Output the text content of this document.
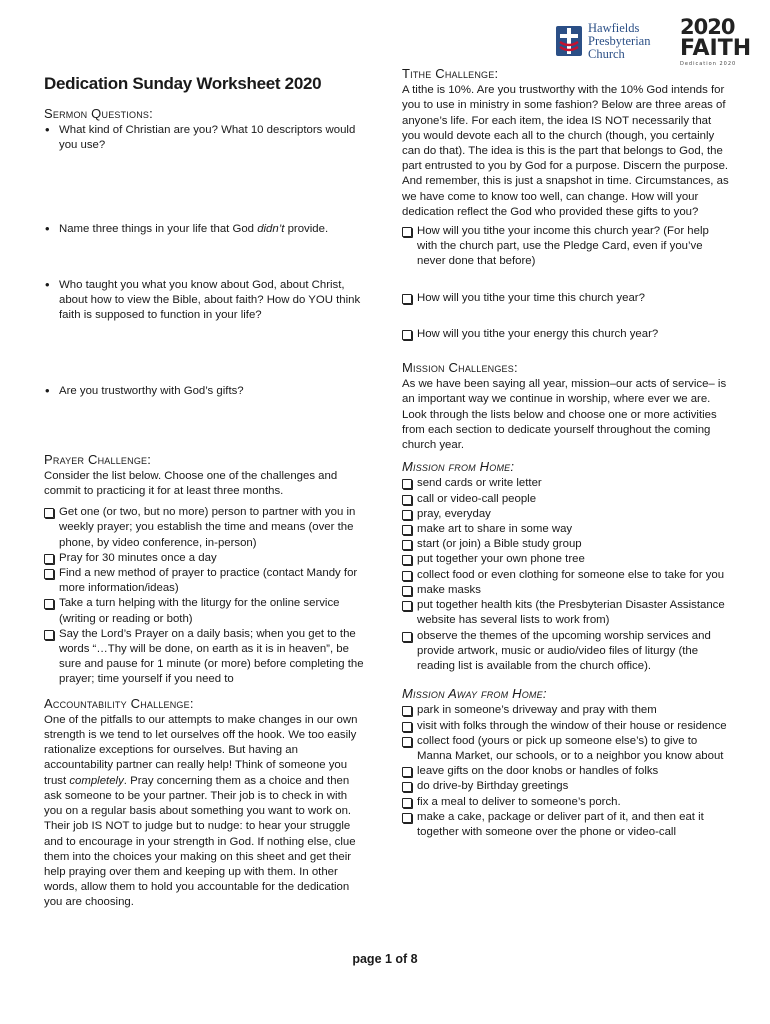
Hawfields
Presbyterian
Church
2020
FAITH
Dedication 2020
Dedication Sunday Worksheet 2020
Sermon Questions:
• What kind of Christian are you? What 10 descriptors would you use?
• Name three things in your life that God didn’t provide.
• Who taught you what you know about God, about Christ, about how to view the Bible, about faith? How do YOU think faith is supposed to function in your life?
• Are you trustworthy with God’s gifts?
Prayer Challenge:

Consider the list below. Choose one of the challenges and commit to practicing it for at least three months.

Get one (or two, but no more) person to partner with you in weekly prayer; you establish the time and means (over the phone, by video conference, in-person)
Pray for 30 minutes once a day
Find a new method of prayer to practice (contact Mandy for more information/ideas)
Take a turn helping with the liturgy for the online service (writing or reading or both)
Say the Lord’s Prayer on a daily basis; when you get to the words “…Thy will be done, on earth as it is in heaven”, be sure and pause for 1 minute (or more) before completing the prayer; time yourself if you need to
Accountability Challenge:

One of the pitfalls to our attempts to make changes in our own strength is we tend to let ourselves off the hook. We too easily rationalize exceptions for ourselves. But having an accountability partner can really help! Think of someone you trust completely. Pray concerning them as a choice and then ask someone to be your partner. Their job is to check in with you on a regular basis about something you want to work on. Their job IS NOT to judge but to nudge: to hear your struggle and to encourage in your strength in God. If nothing else, clue them into the choices your making on this sheet and get their help praying over them and keeping up with them. In other words, allow them to hold you accountable for the dedication you are choosing.

Tithe Challenge:

A tithe is 10%. Are you trustworthy with the 10% God intends for you to use in ministry in some fashion? Below are three areas of anyone’s life. For each item, the idea IS NOT necessarily that you would devote each all to the church (though, you certainly can do that). The idea is this is the part that belongs to God, the part entrusted to you by God for a purpose. Discern the purpose. And remember, this is just a snapshot in time. Circumstances, as we have come to know too well, can change. How will your dedication reflect the God who provided these gifts to you?

How will you tithe your income this church year? (For help with the church part, use the Pledge Card, even if you’ve never done that before)
How will you tithe your time this church year?
How will you tithe your energy this church year?
Mission Challenges:

As we have been saying all year, mission–our acts of service– is an important way we continue in worship, where ever we are. Look through the lists below and choose one or more activities from each section to dedicate yourself throughout the coming church year.

Mission from Home:
send cards or write letter
call or video-call people
pray, everyday
make art to share in some way
start (or join) a Bible study group
put together your own phone tree
collect food or even clothing for someone else to take for you
make masks
put together health kits (the Presbyterian Disaster Assistance website has several lists to work from)
observe the themes of the upcoming worship services and provide artwork, music or audio/video files of liturgy (the reading list is available from the church office).
Mission Away from Home:
park in someone’s driveway and pray with them
visit with folks through the window of their house or residence
collect food (yours or pick up someone else’s) to give to Manna Market, our schools, or to a neighbor you know about
leave gifts on the door knobs or handles of folks
do drive-by Birthday greetings
fix a meal to deliver to someone’s porch.
make a cake, package or deliver part of it, and then eat it together with someone over the phone or video-call
page 1 of 8
